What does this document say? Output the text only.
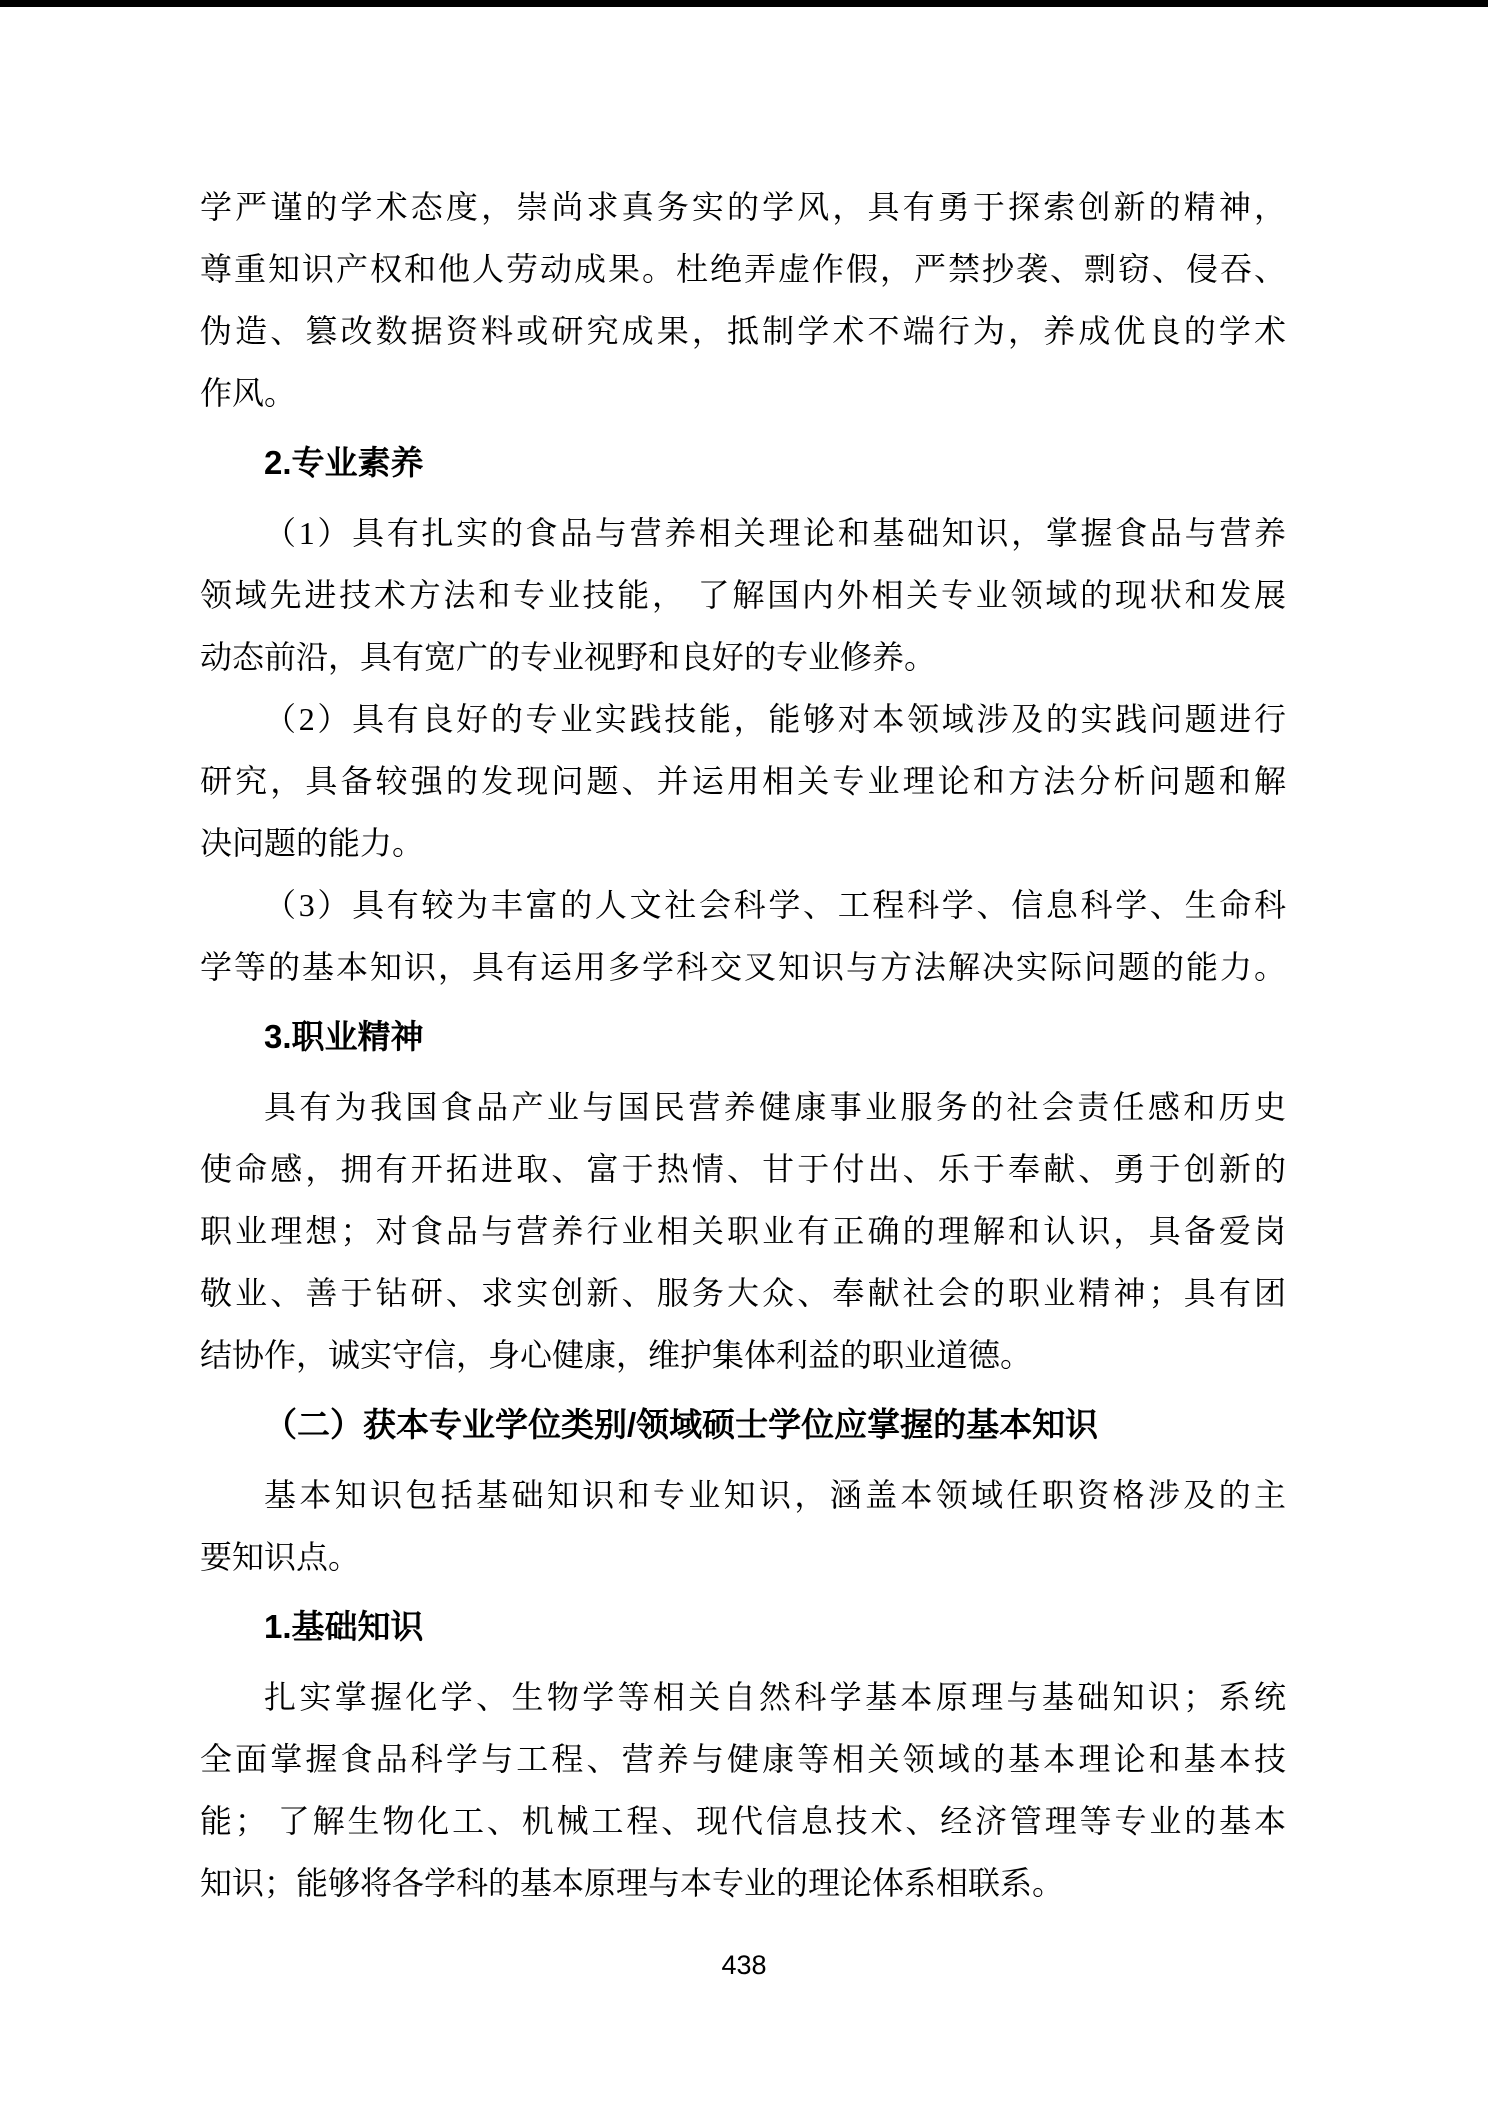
学严谨的学术态度，崇尚求真务实的学风，具有勇于探索创新的精神，

尊重知识产权和他人劳动成果。杜绝弄虚作假，严禁抄袭、剽窃、侵吞、

伪造、篡改数据资料或研究成果，抵制学术不端行为，养成优良的学术

作风。

2.专业素养

（1）具有扎实的食品与营养相关理论和基础知识，掌握食品与营养

领域先进技术方法和专业技能， 了解国内外相关专业领域的现状和发展

动态前沿，具有宽广的专业视野和良好的专业修养。

（2）具有良好的专业实践技能，能够对本领域涉及的实践问题进行

研究，具备较强的发现问题、并运用相关专业理论和方法分析问题和解

决问题的能力。

（3）具有较为丰富的人文社会科学、工程科学、信息科学、生命科

学等的基本知识，具有运用多学科交叉知识与方法解决实际问题的能力。

3.职业精神

具有为我国食品产业与国民营养健康事业服务的社会责任感和历史

使命感，拥有开拓进取、富于热情、甘于付出、乐于奉献、勇于创新的

职业理想；对食品与营养行业相关职业有正确的理解和认识，具备爱岗

敬业、善于钻研、求实创新、服务大众、奉献社会的职业精神；具有团

结协作，诚实守信，身心健康，维护集体利益的职业道德。

（二）获本专业学位类别/领域硕士学位应掌握的基本知识

基本知识包括基础知识和专业知识，涵盖本领域任职资格涉及的主

要知识点。

1.基础知识

扎实掌握化学、生物学等相关自然科学基本原理与基础知识；系统

全面掌握食品科学与工程、营养与健康等相关领域的基本理论和基本技

能； 了解生物化工、机械工程、现代信息技术、经济管理等专业的基本

知识；能够将各学科的基本原理与本专业的理论体系相联系。

438
